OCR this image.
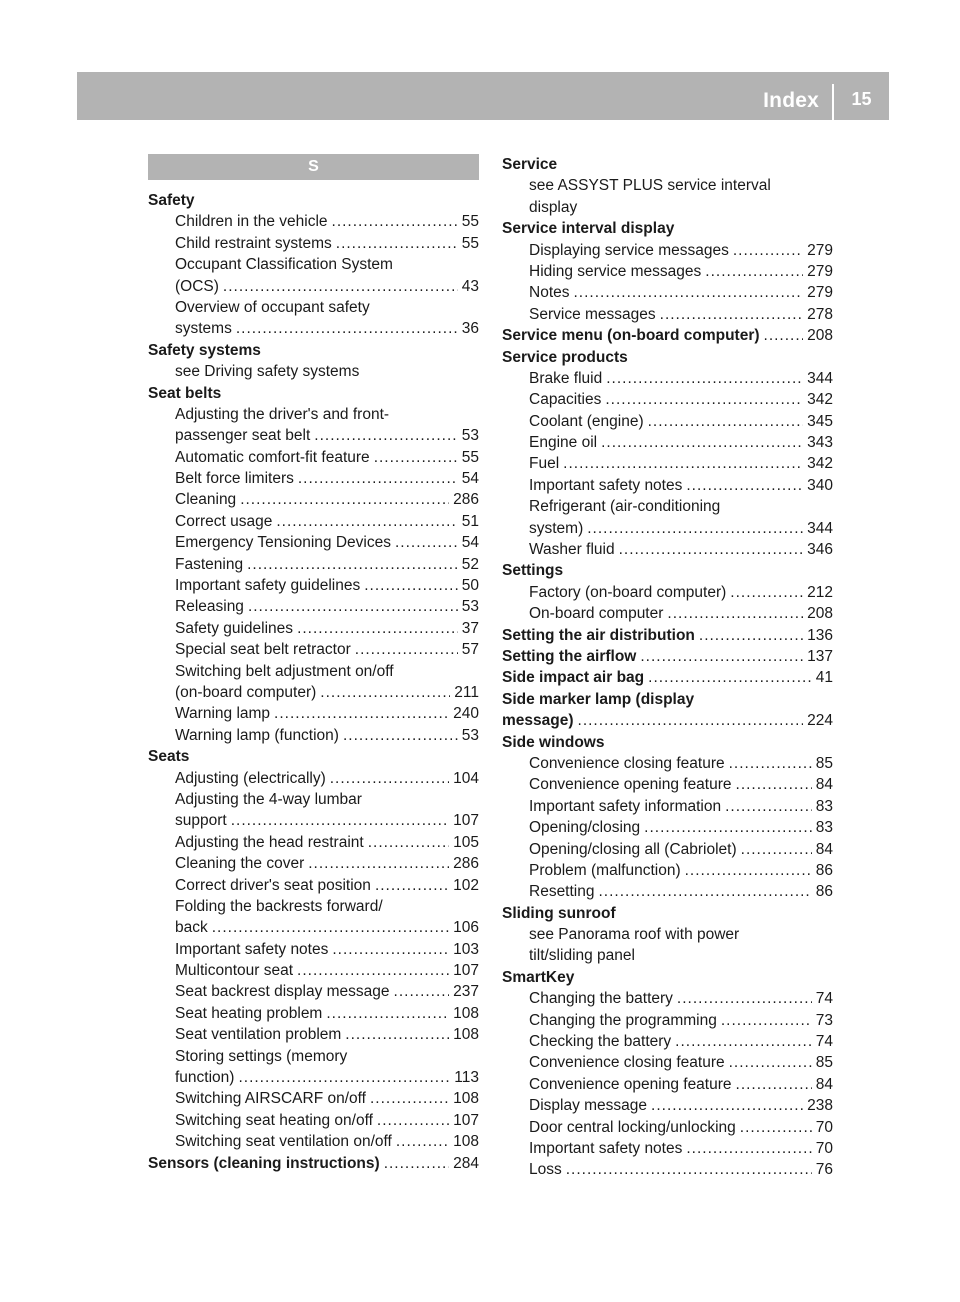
Index	15
S
Safety
Children in the vehicle .....	55
Child restraint systems .....	55
Occupant Classification System
(OCS) .....	43
Overview of occupant safety
systems .....	36
Safety systems
see Driving safety systems
Seat belts
Adjusting the driver's and front-
passenger seat belt .....	53
Automatic comfort-fit feature .....	55
Belt force limiters .....	54
Cleaning .....	286
Correct usage .....	51
Emergency Tensioning Devices .....	54
Fastening .....	52
Important safety guidelines .....	50
Releasing .....	53
Safety guidelines .....	37
Special seat belt retractor .....	57
Switching belt adjustment on/off
(on-board computer) .....	211
Warning lamp .....	240
Warning lamp (function) .....	53
Seats
Adjusting (electrically) .....	104
Adjusting the 4-way lumbar
support .....	107
Adjusting the head restraint .....	105
Cleaning the cover .....	286
Correct driver's seat position .....	102
Folding the backrests forward/
back .....	106
Important safety notes .....	103
Multicontour seat .....	107
Seat backrest display message .....	237
Seat heating problem .....	108
Seat ventilation problem .....	108
Storing settings (memory
function) .....	113
Switching AIRSCARF on/off .....	108
Switching seat heating on/off .....	107
Switching seat ventilation on/off .....	108
Sensors (cleaning instructions) .....	284
Service
see ASSYST PLUS service interval
display
Service interval display
Displaying service messages .....	279
Hiding service messages .....	279
Notes .....	279
Service messages .....	278
Service menu (on-board computer) .....	208
Service products
Brake fluid .....	344
Capacities .....	342
Coolant (engine) .....	345
Engine oil .....	343
Fuel .....	342
Important safety notes .....	340
Refrigerant (air-conditioning
system) .....	344
Washer fluid .....	346
Settings
Factory (on-board computer) .....	212
On-board computer .....	208
Setting the air distribution .....	136
Setting the airflow .....	137
Side impact air bag .....	41
Side marker lamp (display
message) .....	224
Side windows
Convenience closing feature .....	85
Convenience opening feature .....	84
Important safety information .....	83
Opening/closing .....	83
Opening/closing all (Cabriolet) .....	84
Problem (malfunction) .....	86
Resetting .....	86
Sliding sunroof
see Panorama roof with power
tilt/sliding panel
SmartKey
Changing the battery .....	74
Changing the programming .....	73
Checking the battery .....	74
Convenience closing feature .....	85
Convenience opening feature .....	84
Display message .....	238
Door central locking/unlocking .....	70
Important safety notes .....	70
Loss .....	76
